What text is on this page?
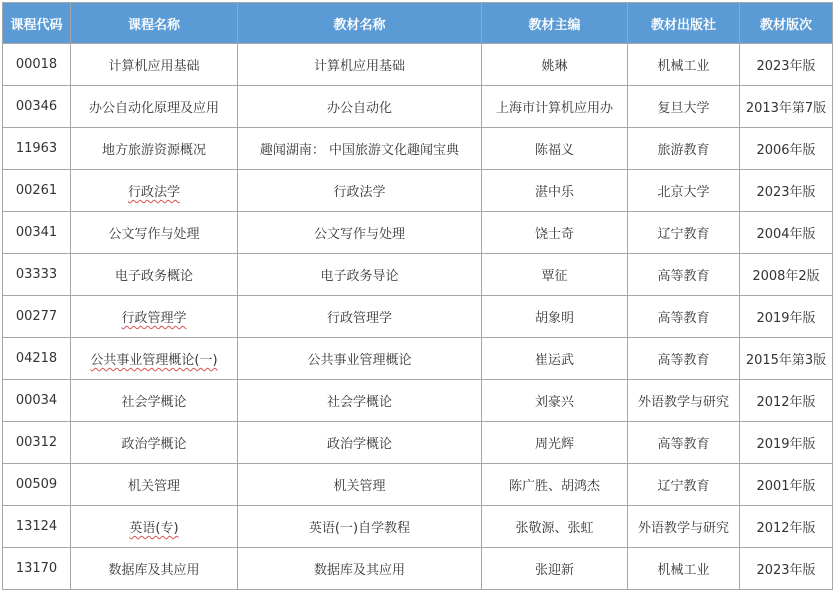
课程代码	课程名称	教材名称	教材主编	教材出版社	教材版次
00018	计算机应用基础	计算机应用基础	姚琳	机械工业	2023年版
00346	办公自动化原理及应用	办公自动化	上海市计算机应用办	复旦大学	2013年第7版
11963	地方旅游资源概况	趣闻湖南： 中国旅游文化趣闻宝典	陈福义	旅游教育	2006年版
00261	行政法学	行政法学	湛中乐	北京大学	2023年版
00341	公文写作与处理	公文写作与处理	饶士奇	辽宁教育	2004年版
03333	电子政务概论	电子政务导论	覃征	高等教育	2008年2版
00277	行政管理学	行政管理学	胡象明	高等教育	2019年版
04218	公共事业管理概论(一)	公共事业管理概论	崔运武	高等教育	2015年第3版
00034	社会学概论	社会学概论	刘豪兴	外语教学与研究	2012年版
00312	政治学概论	政治学概论	周光辉	高等教育	2019年版
00509	机关管理	机关管理	陈广胜、胡鸿杰	辽宁教育	2001年版
13124	英语(专)	英语(一)自学教程	张敬源、张虹	外语教学与研究	2012年版
13170	数据库及其应用	数据库及其应用	张迎新	机械工业	2023年版
